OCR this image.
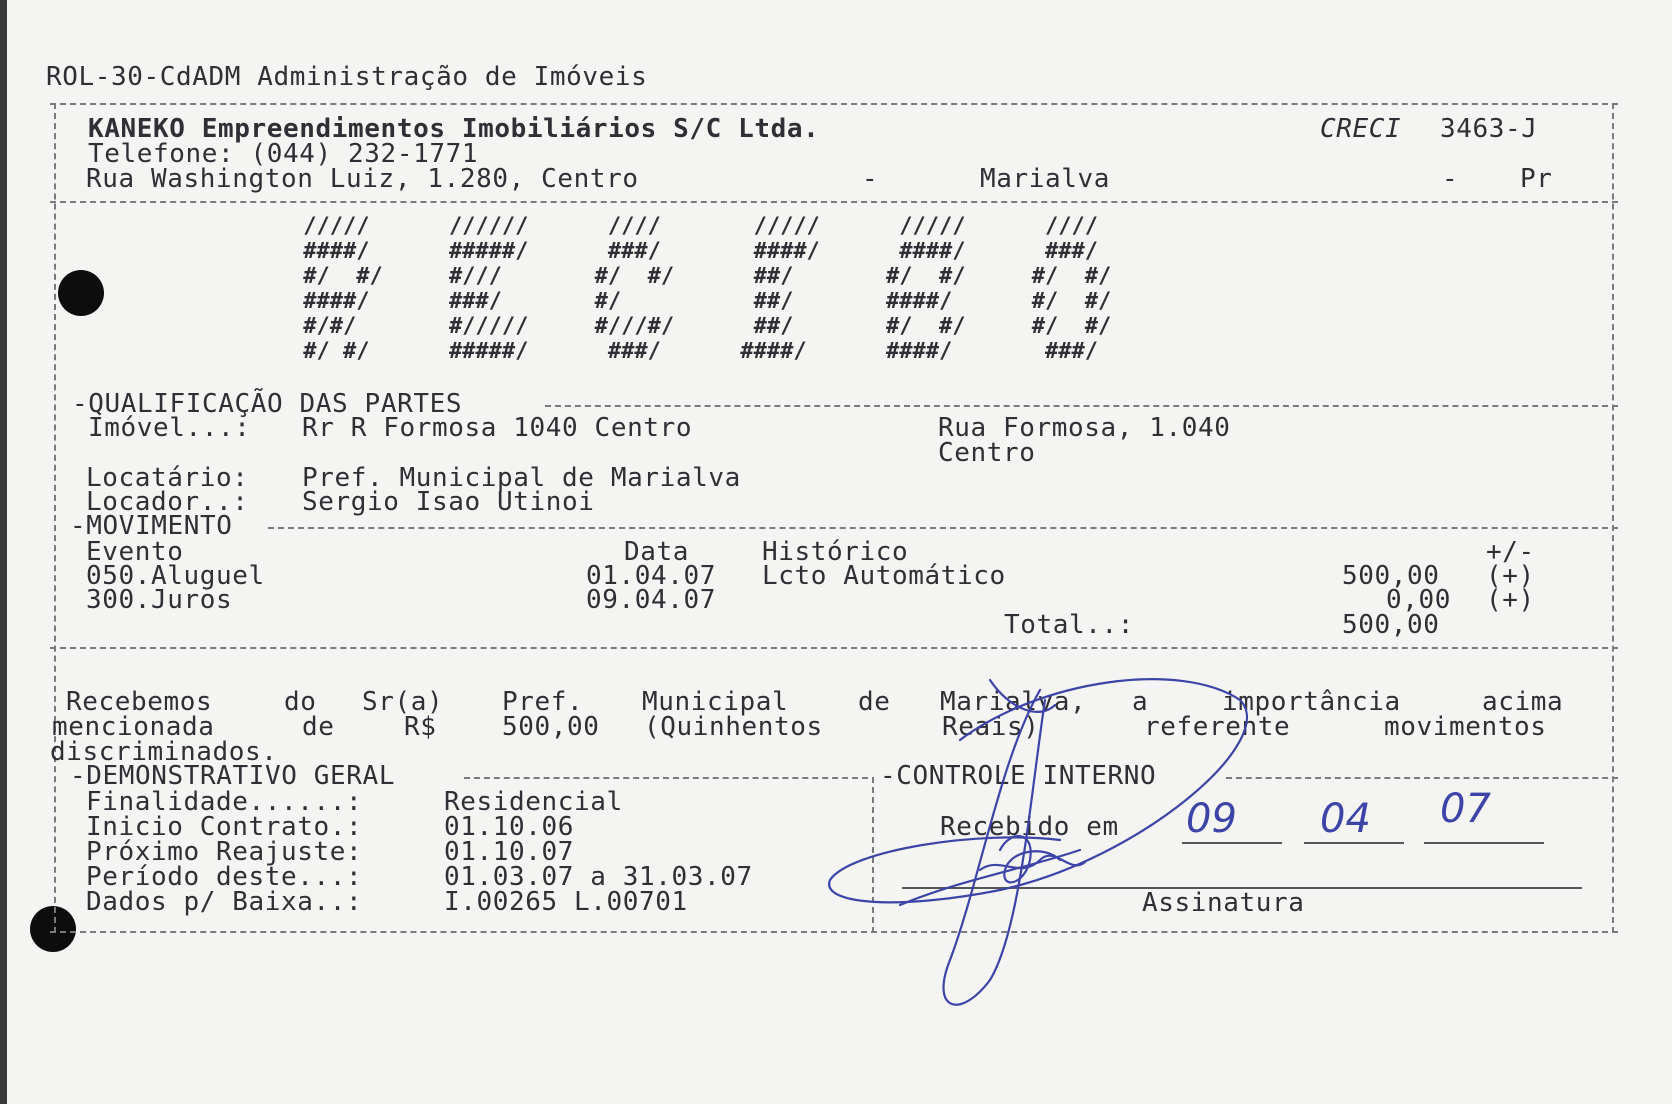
ROL-30-CdADM Administração de Imóveis
KANEKO Empreendimentos Imobiliários S/C Ltda.	CRECI 3463-J
Telefone: (044) 232-1771
Rua Washington Luiz, 1.280, Centro	-	Marialva	- Pr
/////      //////      ////       /////      /////      ////
####/      #####/      ###/       ####/      ####/      ###/
#/  #/     #///       #/  #/      ##/       #/  #/     #/  #/
####/      ###/       #/          ##/       ####/      #/  #/
#/#/       #/////     #///#/      ##/       #/  #/     #/  #/
#/ #/      #####/      ###/      ####/      ####/       ###/
-QUALIFICAÇÃO DAS PARTES
Imóvel...: Rr R Formosa 1040 Centro	Rua Formosa, 1.040
Centro
Locatário: Pref. Municipal de Marialva
Locador..: Sergio Isao Utinoi
-MOVIMENTO
Evento	Data	Histórico	+/-
050.Aluguel	01.04.07 Lcto Automático	500,00 (+)
300.Juros	09.04.07	0,00 (+)
Total..:	500,00
Recebemos	do Sr(a) Pref. Municipal	de Marialva, a	importância	acima
mencionada	de	R$	500,00 (Quinhentos	Reais)	referente	movimentos
discriminados.
-DEMONSTRATIVO GERAL	-CONTROLE INTERNO
Finalidade......:	Residencial
Inicio Contrato.:	01.10.06
Próximo Reajuste:	01.10.07
Período deste...:	01.03.07 a 31.03.07
Dados p/ Baixa..:	I.00265 L.00701
Recebido em 09 04 07
Assinatura
